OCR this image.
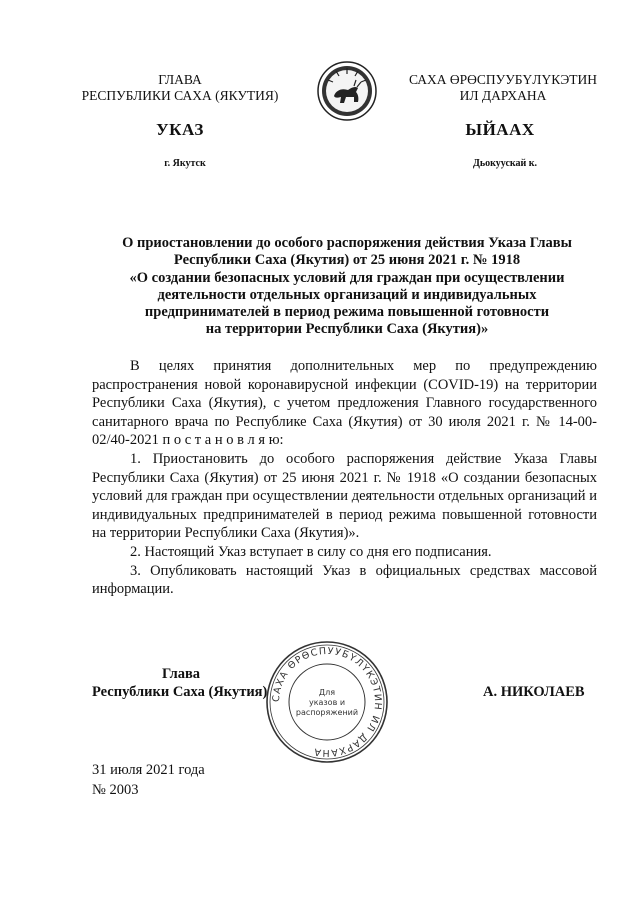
ГЛАВА
РЕСПУБЛИКИ САХА (ЯКУТИЯ)
САХА ӨРӨСПУУБҮЛҮКЭТИН
ИЛ ДАРХАНА
УКАЗ	ЫЙААХ
г. Якутск	Дьокуускай к.
О приостановлении до особого распоряжения действия Указа Главы
Республики Саха (Якутия) от 25 июня 2021 г. № 1918
«О создании безопасных условий для граждан при осуществлении
деятельности отдельных организаций и индивидуальных
предпринимателей в период режима повышенной готовности
на территории Республики Саха (Якутия)»

В целях принятия дополнительных мер по предупреждению распространения новой коронавирусной инфекции (COVID-19) на территории Республики Саха (Якутия), с учетом предложения Главного государственного санитарного врача по Республике Саха (Якутия) от 30 июля 2021 г. № 14-00-02/40-2021 п о с т а н о в л я ю:

1. Приостановить до особого распоряжения действие Указа Главы Республики Саха (Якутия) от 25 июня 2021 г. № 1918 «О создании безопасных условий для граждан при осуществлении деятельности отдельных организаций и индивидуальных предпринимателей в период режима повышенной готовности на территории Республики Саха (Якутия)».

2. Настоящий Указ вступает в силу со дня его подписания.

3. Опубликовать настоящий Указ в официальных средствах массовой информации.

Глава
Республики Саха (Якутия) САХА ӨРӨСПУУБҮЛҮКЭТИН ИЛ ДАРХАНА
Для
указов и
распоряжений
А. НИКОЛАЕВ
31 июля 2021 года
№ 2003
